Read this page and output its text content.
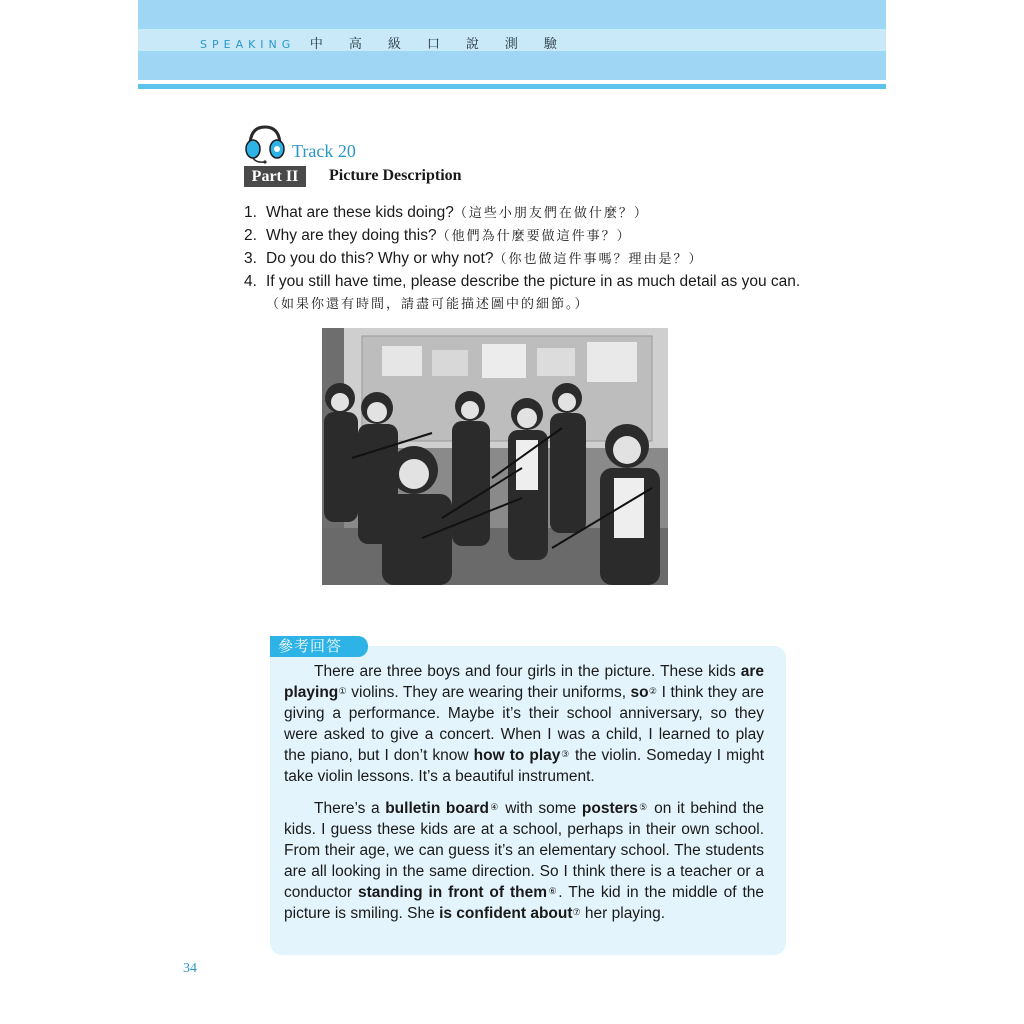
SPEAKING 中高級口說測驗
Track 20
Part II	Picture Description
1. What are these kids doing?（這些小朋友們在做什麼？）
2. Why are they doing this?（他們為什麼要做這件事？）
3. Do you do this? Why or why not?（你也做這件事嗎？理由是？）
4. If you still have time, please describe the picture in as much detail as you can.（如果你還有時間，請盡可能描述圖中的細節。）
參考回答

There are three boys and four girls in the picture. These kids are playing① violins. They are wearing their uniforms, so② I think they are giving a performance. Maybe it’s their school anniversary, so they were asked to give a concert. When I was a child, I learned to play the piano, but I don’t know how to play③ the violin. Someday I might take violin lessons. It’s a beautiful instrument.

There’s a bulletin board④ with some posters⑤ on it behind the kids. I guess these kids are at a school, perhaps in their own school. From their age, we can guess it’s an elementary school. The students are all looking in the same direction. So I think there is a teacher or a conductor standing in front of them⑥. The kid in the middle of the picture is smiling. She is confident about⑦ her playing.

34
